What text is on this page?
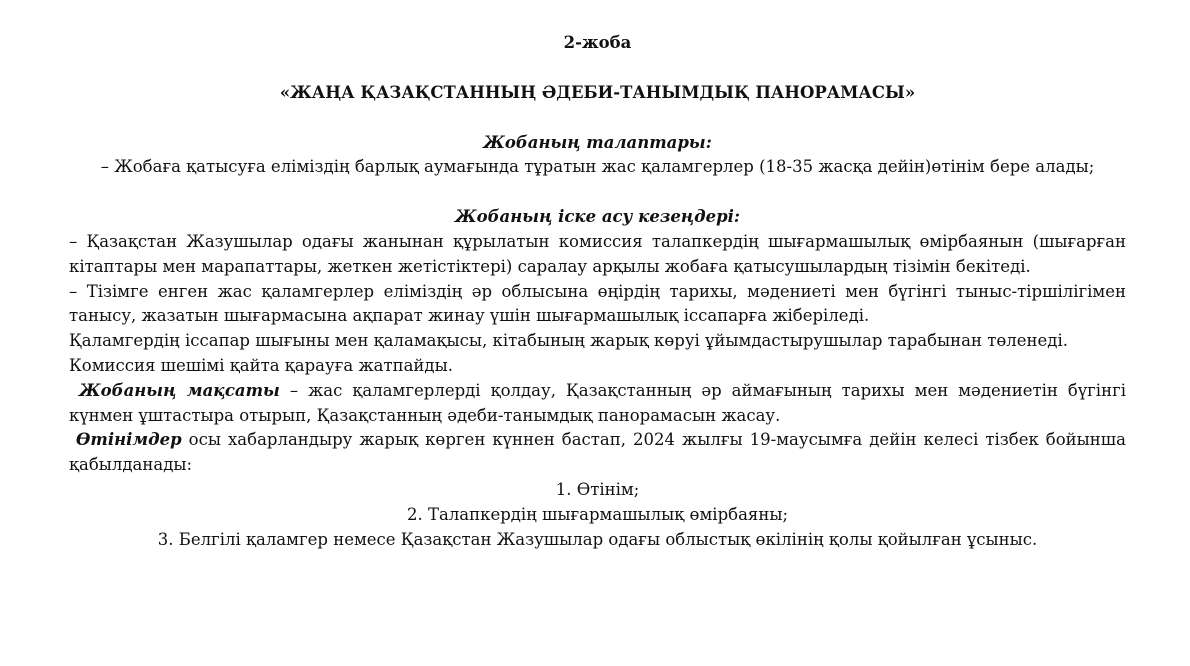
2-жоба

«ЖАҢА ҚАЗАҚСТАННЫҢ ӘДЕБИ-ТАНЫМДЫҚ ПАНОРАМАСЫ»

Жобаның талаптары:

– Жобаға қатысуға еліміздің барлық аумағында тұратын жас қаламгерлер (18-35 жасқа дейін)өтінім бере алады;

Жобаның іске асу кезеңдері:

– Қазақстан Жазушылар одағы жанынан құрылатын комиссия талапкердің шығармашылық өмірбаянын (шығарған кітаптары мен марапаттары, жеткен жетістіктері) саралау арқылы жобаға қатысушылардың тізімін бекітеді.

– Тізімге енген жас қаламгерлер еліміздің әр облысына өңірдің тарихы, мәдениеті мен бүгінгі тыныс-тіршілігімен танысу, жазатын шығармасына ақпарат жинау үшін шығармашылық іссапарға жіберіледі.

Қаламгердің іссапар шығыны мен қаламақысы, кітабының жарық көруі ұйымдастырушылар тарабынан төленеді.

Комиссия шешімі қайта қарауға жатпайды.

Жобаның мақсаты – жас қаламгерлерді қолдау, Қазақстанның әр аймағының тарихы мен мәдениетін бүгінгі күнмен ұштастыра отырып, Қазақстанның әдеби-танымдық панорамасын жасау.

Өтінімдер осы хабарландыру жарық көрген күннен бастап, 2024 жылғы 19-маусымға дейін келесі тізбек бойынша қабылданады:

1. Өтінім;
2. Талапкердің шығармашылық өмірбаяны;
3. Белгілі қаламгер немесе Қазақстан Жазушылар одағы облыстық өкілінің қолы қойылған ұсыныс.
